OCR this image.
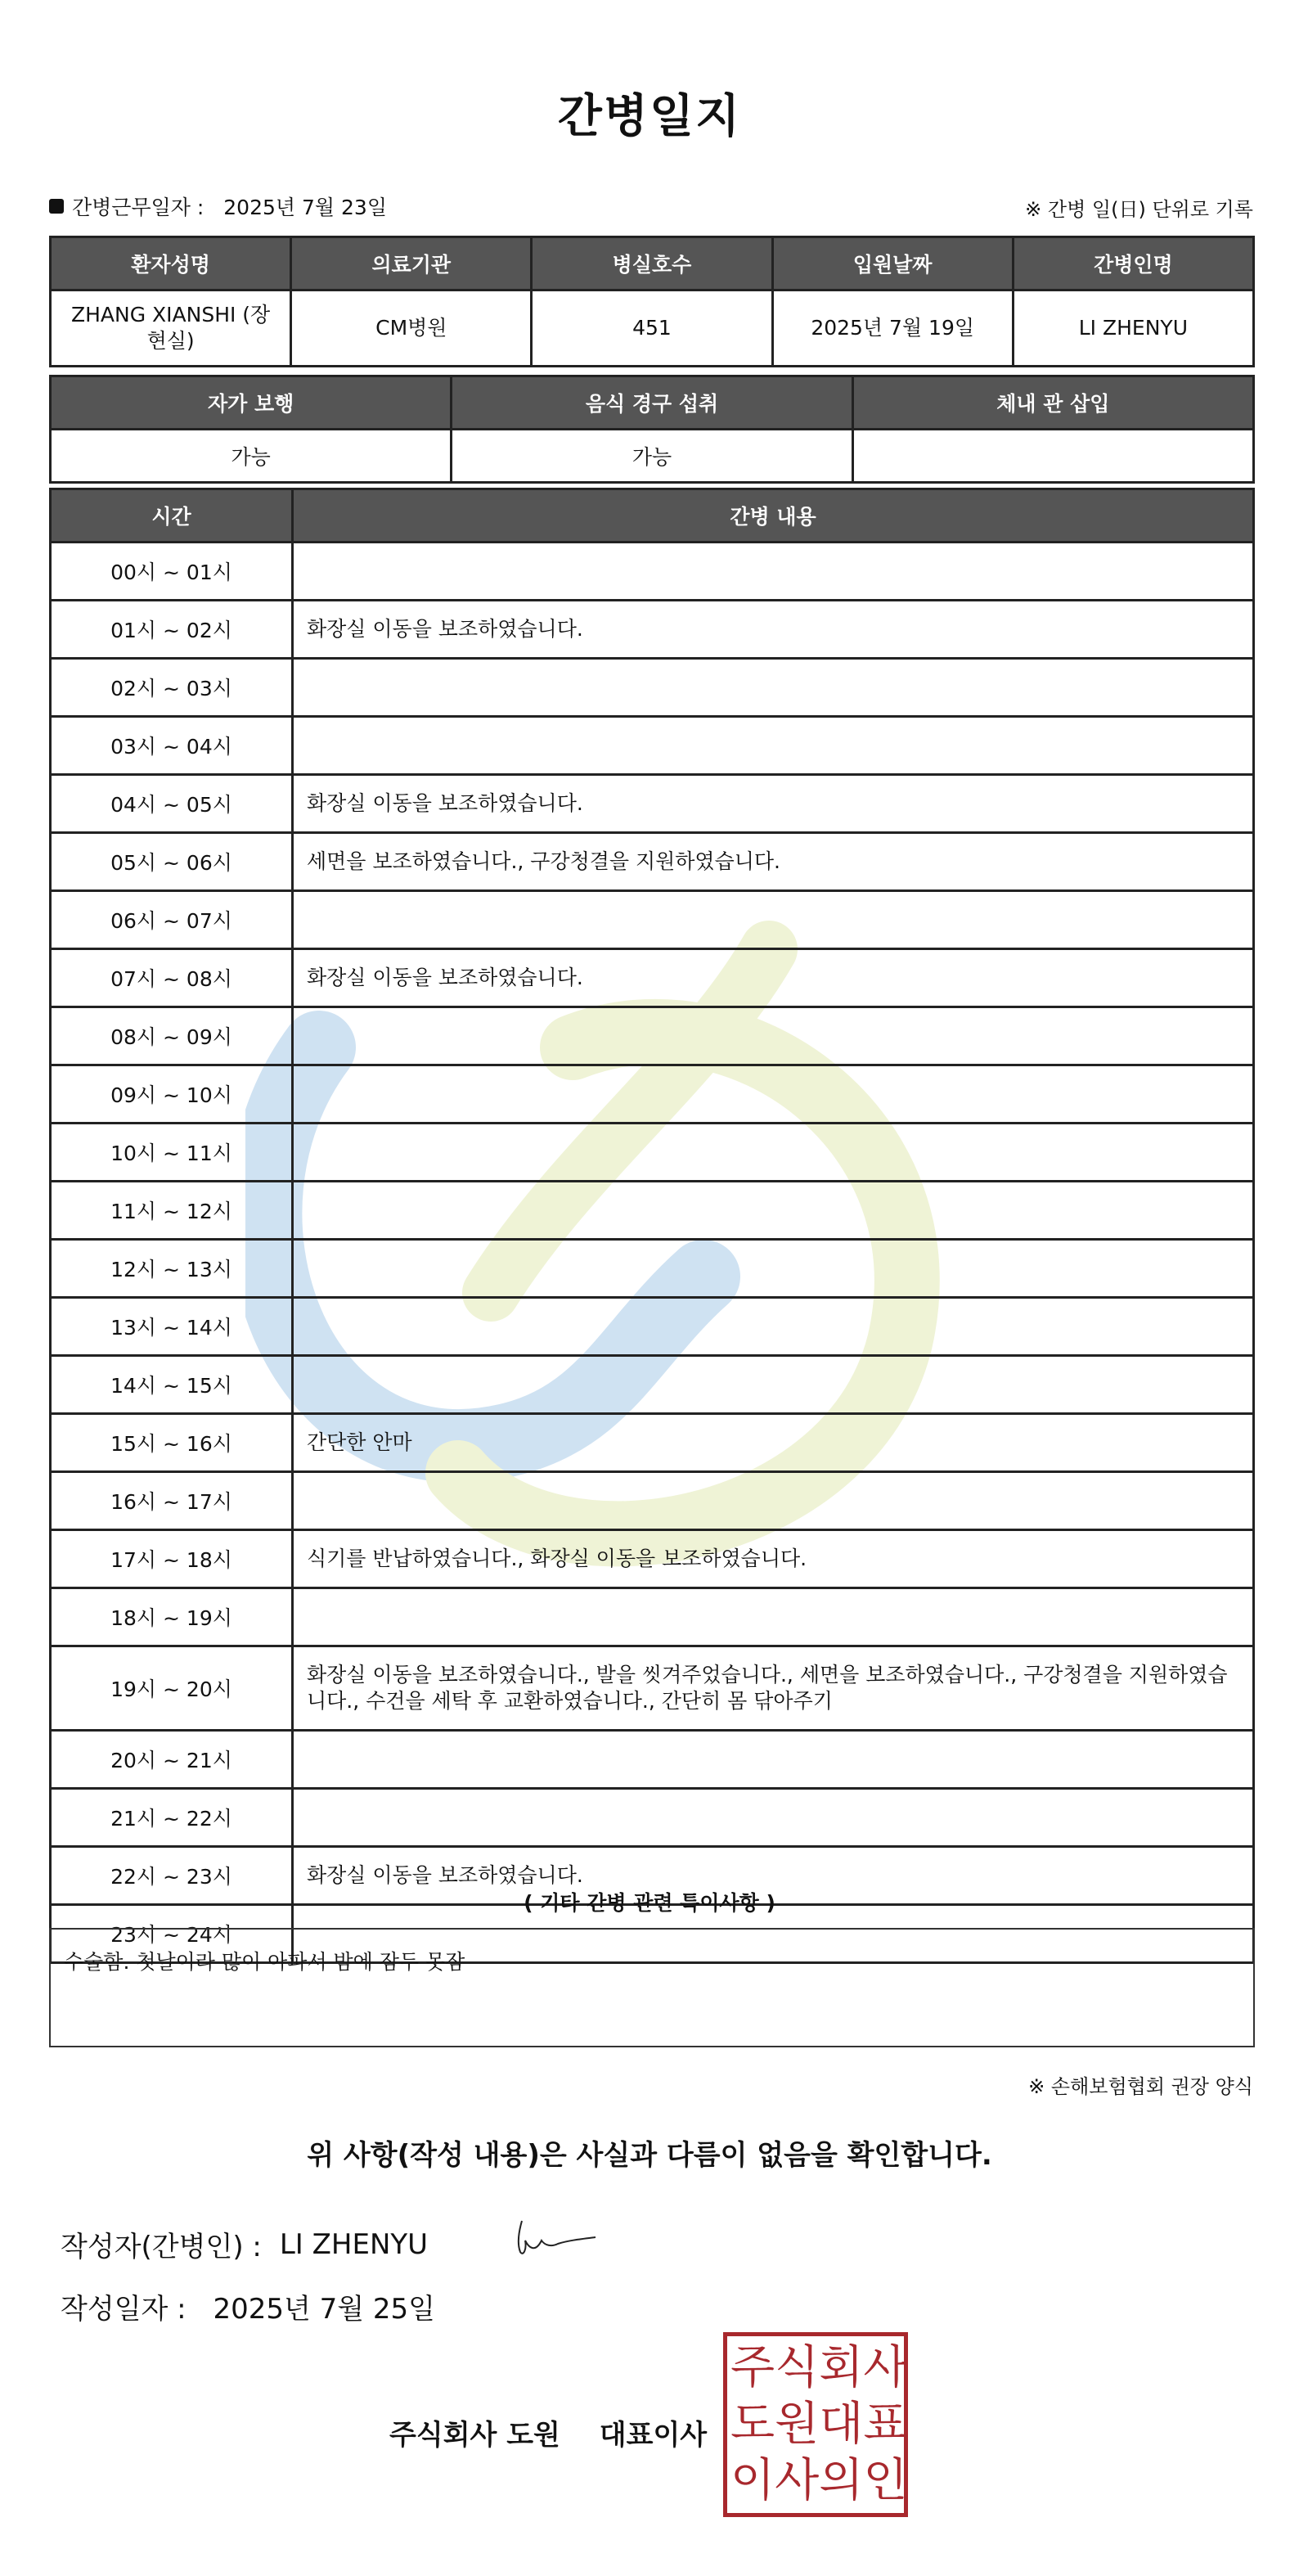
간병일지
간병근무일자 : 2025년 7월 23일	※ 간병 일(日) 단위로 기록
환자성명	의료기관	병실호수	입원날짜	간병인명
ZHANG XIANSHI (장현실)	CM병원	451	2025년 7월 19일	LI ZHENYU
자가 보행	음식 경구 섭취	체내 관 삽입
가능	가능	
시간	간병 내용
00시 ~ 01시	
01시 ~ 02시	화장실 이동을 보조하였습니다.
02시 ~ 03시	
03시 ~ 04시	
04시 ~ 05시	화장실 이동을 보조하였습니다.
05시 ~ 06시	세면을 보조하였습니다., 구강청결을 지원하였습니다.
06시 ~ 07시	
07시 ~ 08시	화장실 이동을 보조하였습니다.
08시 ~ 09시	
09시 ~ 10시	
10시 ~ 11시	
11시 ~ 12시	
12시 ~ 13시	
13시 ~ 14시	
14시 ~ 15시	
15시 ~ 16시	간단한 안마
16시 ~ 17시	
17시 ~ 18시	식기를 반납하였습니다., 화장실 이동을 보조하였습니다.
18시 ~ 19시	
19시 ~ 20시	화장실 이동을 보조하였습니다., 발을 씻겨주었습니다., 세면을 보조하였습니다., 구강청결을 지원하였습니다., 수건을 세탁 후 교환하였습니다., 간단히 몸 닦아주기
20시 ~ 21시	
21시 ~ 22시	
22시 ~ 23시	화장실 이동을 보조하였습니다.
23시 ~ 24시	
( 기타 간병 관련 특이사항 )
수술함. 첫날이라 많이 아파서 밤에 잠두 못잠
※ 손해보험협회 권장 양식
위 사항(작성 내용)은 사실과 다름이 없음을 확인합니다.
작성자(간병인) : LI ZHENYU
작성일자 : 2025년 7월 25일
주식회사 도원 대표이사
주 식 회 사
도 원 대 표
이 사 의 인
